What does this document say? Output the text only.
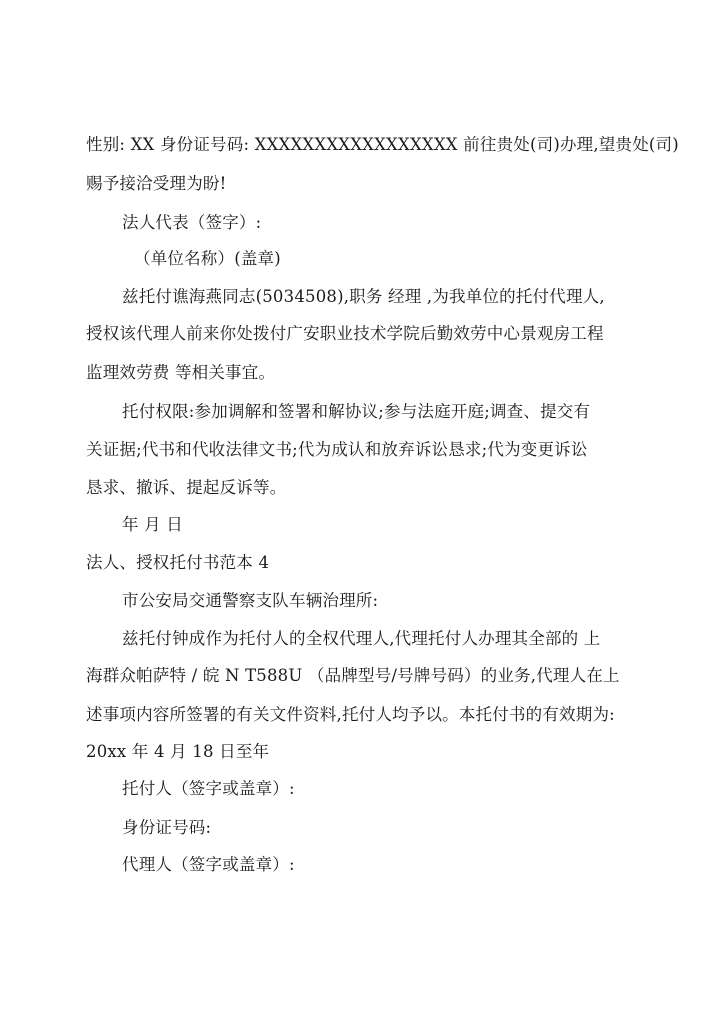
性别: XX 身份证号码: XXXXXXXXXXXXXXXXX 前往贵处(司)办理,望贵处(司)
赐予接洽受理为盼!
法人代表（签字）:
（单位名称）(盖章)
兹托付谯海燕同志(5034508),职务 经理 ,为我单位的托付代理人,
授权该代理人前来你处拨付广安职业技术学院后勤效劳中心景观房工程
监理效劳费 等相关事宜。
托付权限:参加调解和签署和解协议;参与法庭开庭;调查、提交有
关证据;代书和代收法律文书;代为成认和放弃诉讼恳求;代为变更诉讼
恳求、撤诉、提起反诉等。
年 月 日
法人、授权托付书范本 4
市公安局交通警察支队车辆治理所:
兹托付钟成作为托付人的全权代理人,代理托付人办理其全部的 上
海群众帕萨特 / 皖 N T588U （品牌型号/号牌号码）的业务,代理人在上
述事项内容所签署的有关文件资料,托付人均予以。本托付书的有效期为:
20xx 年 4 月 18 日至年
托付人（签字或盖章）:
身份证号码:
代理人（签字或盖章）:
